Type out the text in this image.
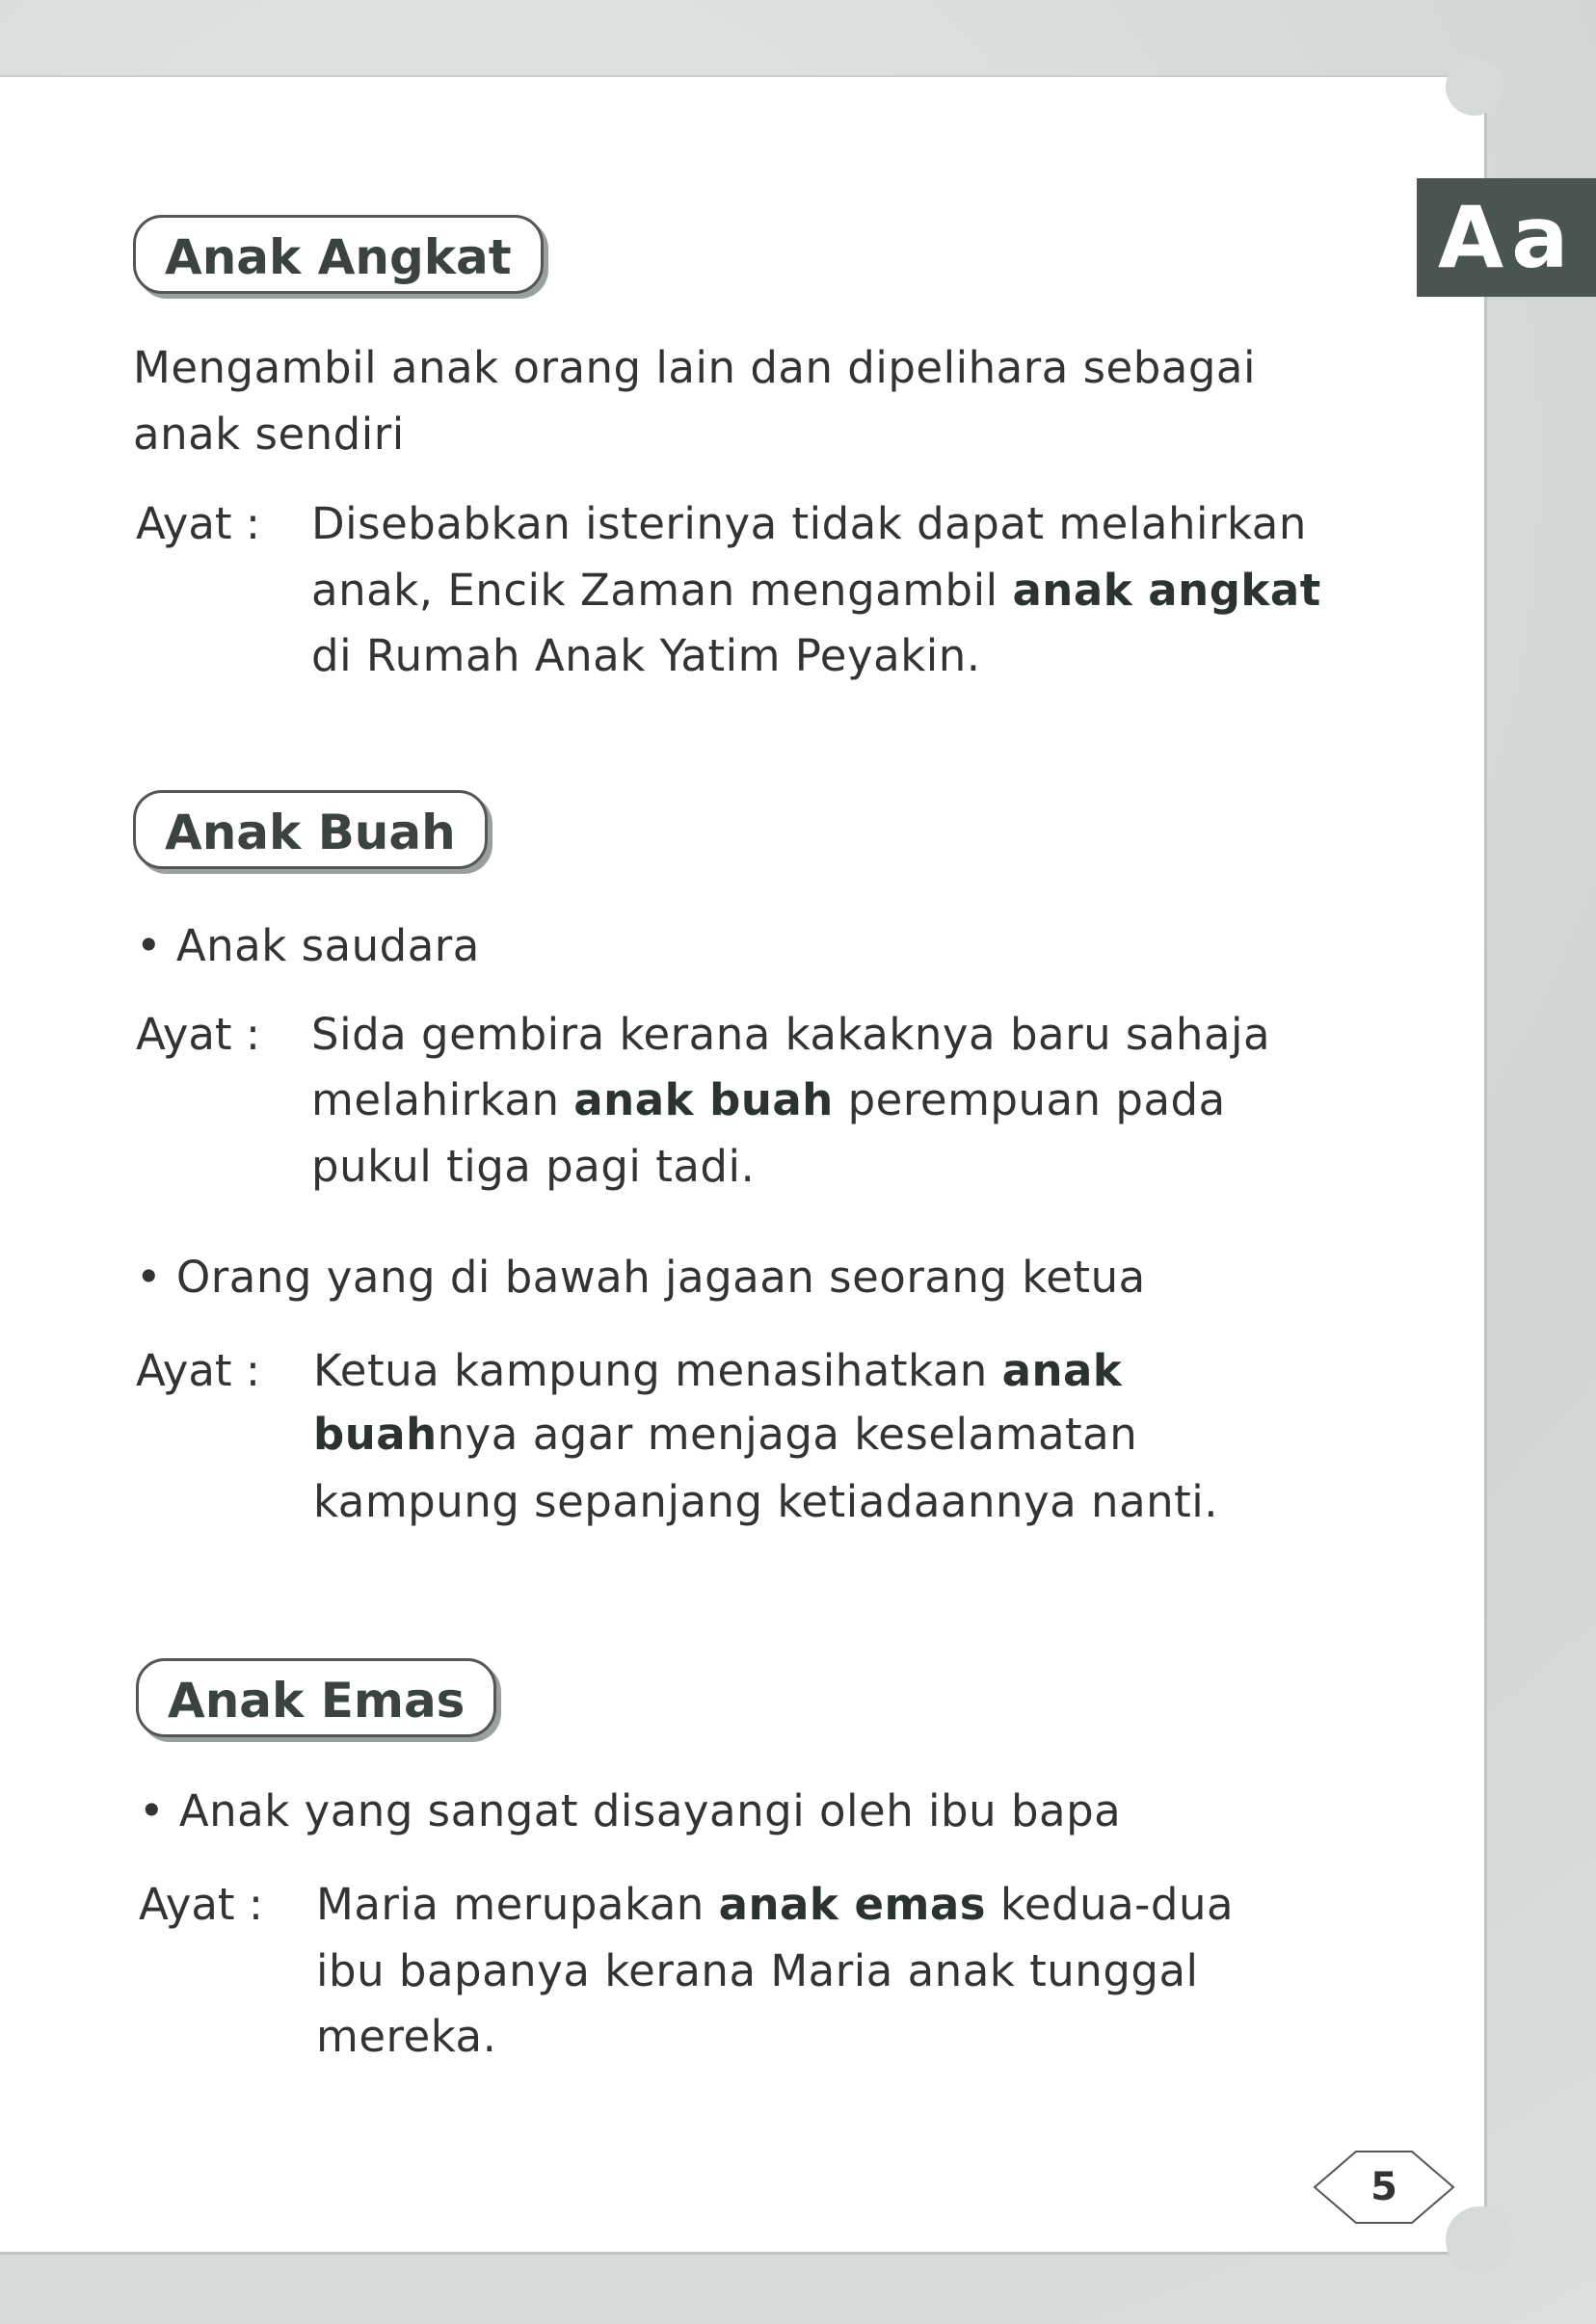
Aa
Anak Angkat
Mengambil anak orang lain dan dipelihara sebagai
anak sendiri
Ayat : Disebabkan isterinya tidak dapat melahirkan
anak, Encik Zaman mengambil anak angkat
di Rumah Anak Yatim Peyakin.
Anak Buah
• Anak saudara
Ayat : Sida gembira kerana kakaknya baru sahaja
melahirkan anak buah perempuan pada
pukul tiga pagi tadi.
• Orang yang di bawah jagaan seorang ketua
Ayat : Ketua kampung menasihatkan anak
buahnya agar menjaga keselamatan
kampung sepanjang ketiadaannya nanti.
Anak Emas
• Anak yang sangat disayangi oleh ibu bapa
Ayat : Maria merupakan anak emas kedua-dua
ibu bapanya kerana Maria anak tunggal
mereka.
5
